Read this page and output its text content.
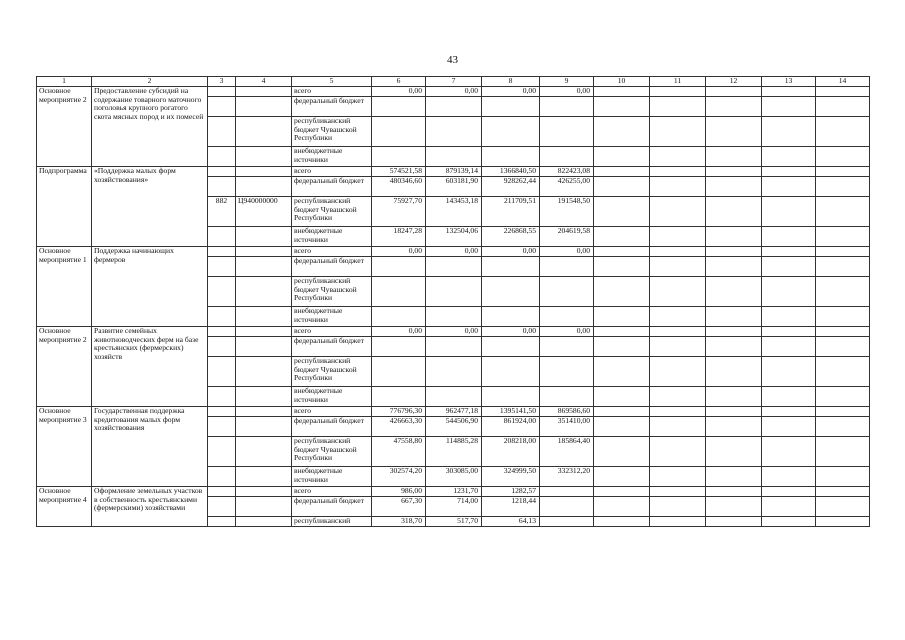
43
1	2	3	4	5	6	7	8	9	10	11	12	13	14
Основное мероприятие 2	Предоставление субсидий на содержание товарного маточного поголовья крупного рогатого скота мясных пород и их помесей			всего	0,00	0,00	0,00	0,00					
				федеральный бюджет									
				республиканский бюджет Чувашской Республики									
				внебюджетные источники									
Подпрограмма	«Поддержка малых форм хозяйствования»			всего	574521,58	879139,14	1366840,50	822423,08					
				федеральный бюджет	480346,60	603181,90	928262,44	426255,00					
		882	Ц940000000	республиканский бюджет Чувашской Республики	75927,70	143453,18	211709,51	191548,50					
				внебюджетные источники	18247,28	132504,06	226868,55	204619,58					
Основное мероприятие 1	Поддержка начинающих фермеров			всего	0,00	0,00	0,00	0,00					
				федеральный бюджет									
				республиканский бюджет Чувашской Республики									
				внебюджетные источники									
Основное мероприятие 2	Развитие семейных животноводческих ферм на базе крестьянских (фермерских) хозяйств			всего	0,00	0,00	0,00	0,00					
				федеральный бюджет									
				республиканский бюджет Чувашской Республики									
				внебюджетные источники									
Основное мероприятие 3	Государственная поддержка кредитования малых форм хозяйствования			всего	776796,30	962477,18	1395141,50	869586,60					
				федеральный бюджет	426663,30	544506,90	861924,00	351410,00					
				республиканский бюджет Чувашской Республики	47558,80	114885,28	208218,00	185864,40					
				внебюджетные источники	302574,20	303085,00	324999,50	332312,20					
Основное мероприятие 4	Оформление земельных участков в собственность крестьянскими (фермерскими) хозяйствами			всего	986,00	1231,70	1282,57						
				федеральный бюджет	667,30	714,00	1218,44						
				республиканский	318,70	517,70	64,13						
